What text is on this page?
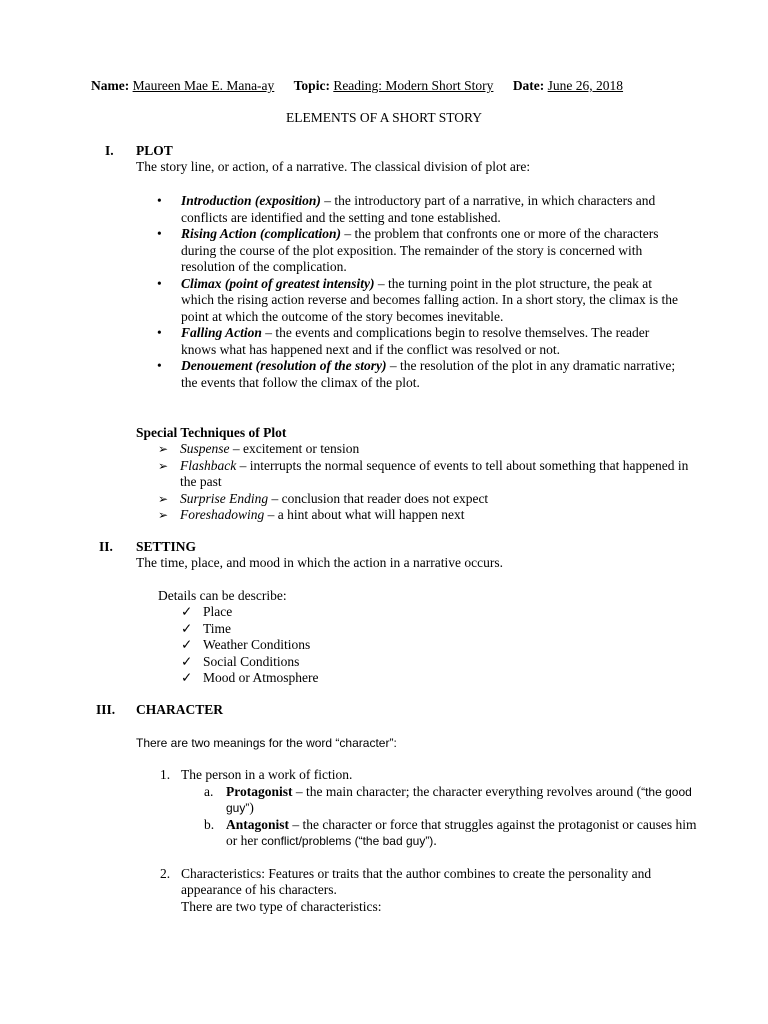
Name: Maureen Mae E. Mana-ay Topic: Reading: Modern Short Story Date: June 26, 2018
ELEMENTS OF A SHORT STORY
I. PLOT
The story line, or action, of a narrative. The classical division of plot are:
• Introduction (exposition) – the introductory part of a narrative, in which characters and conflicts are identified and the setting and tone established.
• Rising Action (complication) – the problem that confronts one or more of the characters during the course of the plot exposition. The remainder of the story is concerned with resolution of the complication.
• Climax (point of greatest intensity) – the turning point in the plot structure, the peak at which the rising action reverse and becomes falling action. In a short story, the climax is the point at which the outcome of the story becomes inevitable.
• Falling Action – the events and complications begin to resolve themselves. The reader knows what has happened next and if the conflict was resolved or not.
• Denouement (resolution of the story) – the resolution of the plot in any dramatic narrative; the events that follow the climax of the plot.
Special Techniques of Plot
➢ Suspense – excitement or tension
➢ Flashback – interrupts the normal sequence of events to tell about something that happened in the past
➢ Surprise Ending – conclusion that reader does not expect
➢ Foreshadowing – a hint about what will happen next
II. SETTING
The time, place, and mood in which the action in a narrative occurs.
Details can be describe:
✓ Place
✓ Time
✓ Weather Conditions
✓ Social Conditions
✓ Mood or Atmosphere
III. CHARACTER
There are two meanings for the word “character”:
1. The person in a work of fiction.
a. Protagonist – the main character; the character everything revolves around (“the good guy”)
b. Antagonist – the character or force that struggles against the protagonist or causes him or her conflict/problems (“the bad guy”).
2. Characteristics: Features or traits that the author combines to create the personality and appearance of his characters.
There are two type of characteristics:
